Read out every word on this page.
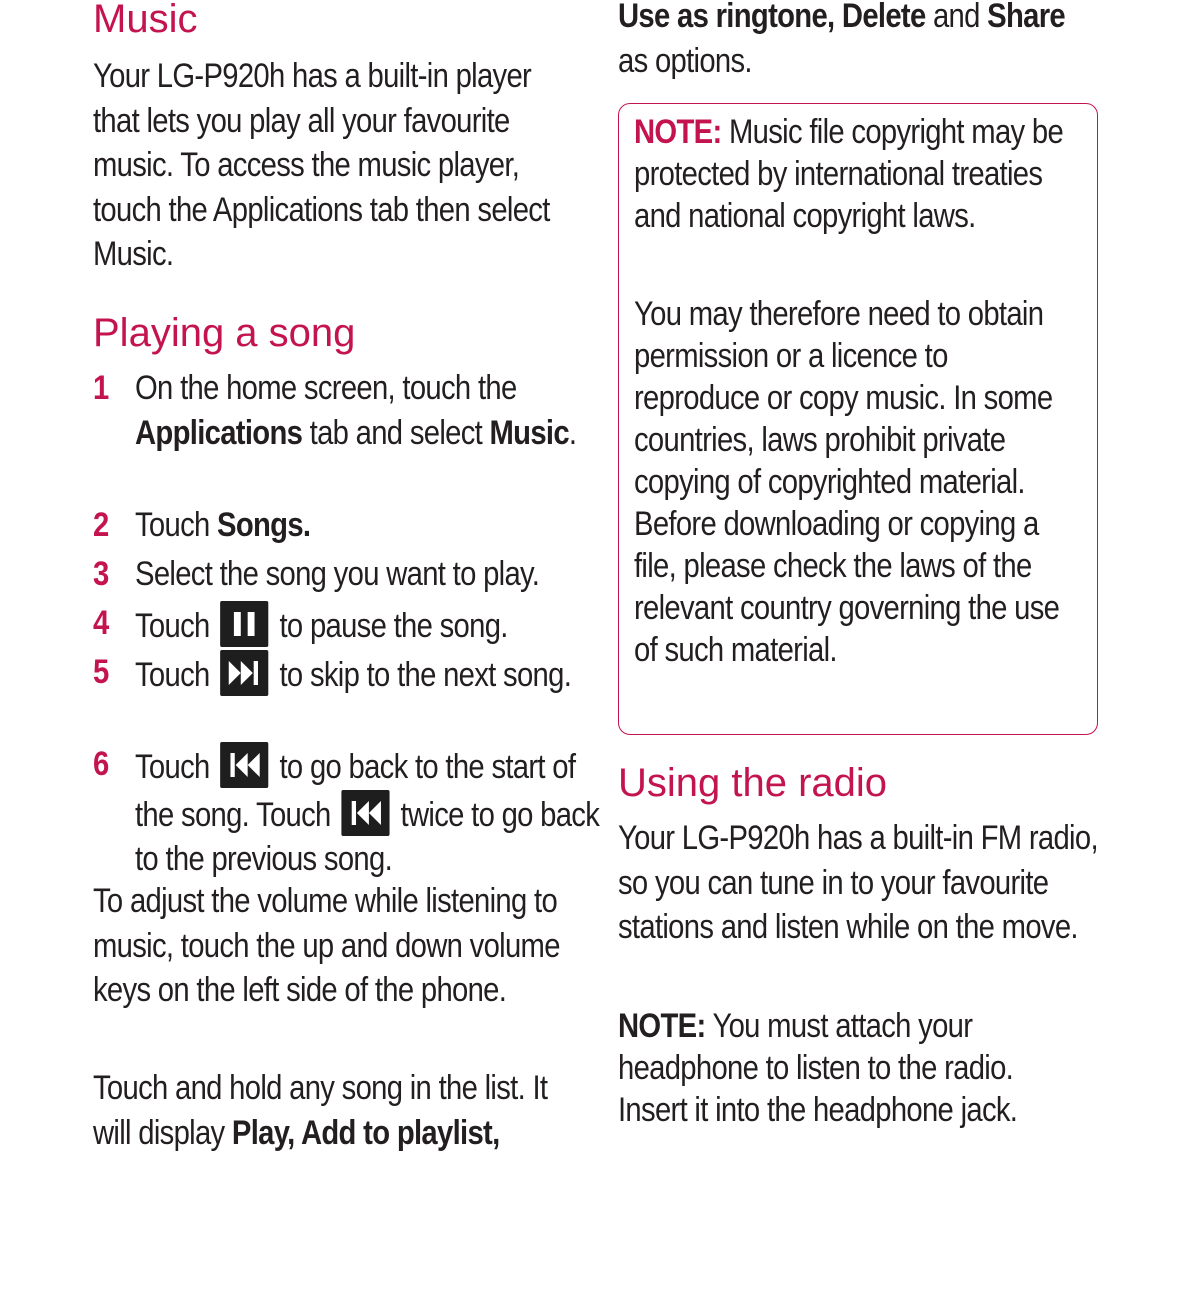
Music

Your LG-P920h has a built-in player that lets you play all your favourite music. To access the music player, touch the Applications tab then select Music.

Playing a song
1 On the home screen, touch the Applications tab and select Music.

2 Touch Songs.

3 Select the song you want to play.

4 Touch
to pause the song.

5 Touch
to skip to the next song.

6 Touch
to go back to the start of the song. Touch
twice to go back to the previous song.

To adjust the volume while listening to music, touch the up and down volume keys on the left side of the phone.

Touch and hold any song in the list. It will display Play, Add to playlist,

Use as ringtone, Delete and Share
as options.

NOTE: Music file copyright may be protected by international treaties and national copyright laws.

You may therefore need to obtain permission or a licence to reproduce or copy music. In some countries, laws prohibit private copying of copyrighted material. Before downloading or copying a file, please check the laws of the relevant country governing the use of such material.

Using the radio

Your LG-P920h has a built-in FM radio, so you can tune in to your favourite stations and listen while on the move.

NOTE: You must attach your headphone to listen to the radio. Insert it into the headphone jack.
